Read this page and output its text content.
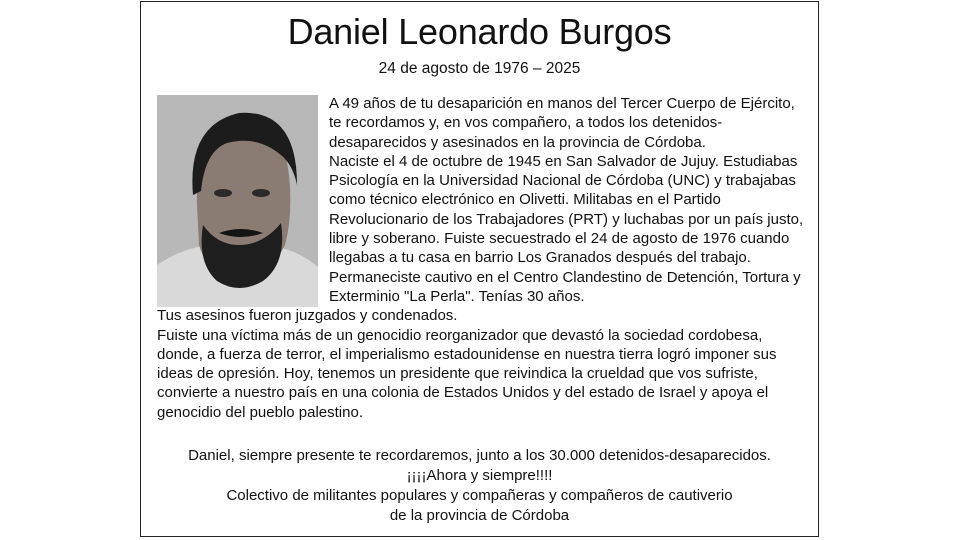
Daniel Leonardo Burgos
24 de agosto de 1976 – 2025

A 49 años de tu desaparición en manos del Tercer Cuerpo de Ejército, te recordamos y, en vos compañero, a todos los detenidos-desaparecidos y asesinados en la provincia de Córdoba.

Naciste el 4 de octubre de 1945 en San Salvador de Jujuy. Estudiabas Psicología en la Universidad Nacional de Córdoba (UNC) y trabajabas como técnico electrónico en Olivetti. Militabas en el Partido Revolucionario de los Trabajadores (PRT) y luchabas por un país justo, libre y soberano. Fuiste secuestrado el 24 de agosto de 1976 cuando llegabas a tu casa en barrio Los Granados después del trabajo. Permaneciste cautivo en el Centro Clandestino de Detención, Tortura y Exterminio "La Perla". Tenías 30 años.

Tus asesinos fueron juzgados y condenados.

Fuiste una víctima más de un genocidio reorganizador que devastó la sociedad cordobesa, donde, a fuerza de terror, el imperialismo estadounidense en nuestra tierra logró imponer sus ideas de opresión. Hoy, tenemos un presidente que reivindica la crueldad que vos sufriste, convierte a nuestro país en una colonia de Estados Unidos y del estado de Israel y apoya el genocidio del pueblo palestino.

Daniel, siempre presente te recordaremos, junto a los 30.000 detenidos-desaparecidos.
¡¡¡¡Ahora y siempre!!!!
Colectivo de militantes populares y compañeras y compañeros de cautiverio
de la provincia de Córdoba
